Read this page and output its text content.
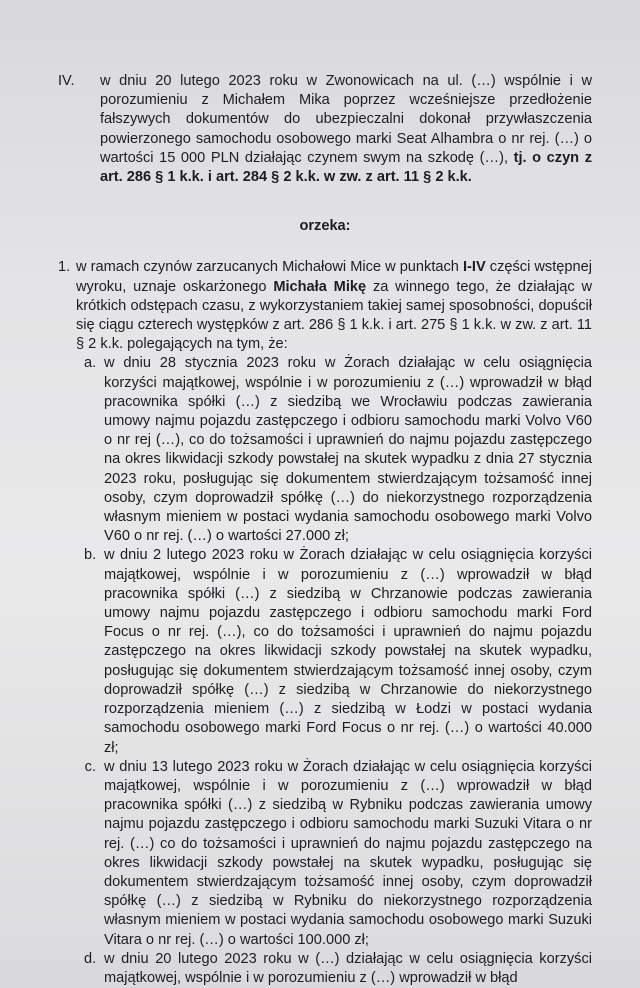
IV.	w dniu 20 lutego 2023 roku w Zwonowicach na ul. (…) wspólnie i w porozumieniu z Michałem Mika poprzez wcześniejsze przedłożenie fałszywych dokumentów do ubezpieczalni dokonał przywłaszczenia powierzonego samochodu osobowego marki Seat Alhambra o nr rej. (…) o wartości 15 000 PLN działając czynem swym na szkodę (…), tj. o czyn z art. 286 § 1 k.k. i art. 284 § 2 k.k. w zw. z art. 11 § 2 k.k.
orzeka:
1. w ramach czynów zarzucanych Michałowi Mice w punktach I-IV części wstępnej wyroku, uznaje oskarżonego Michała Mikę za winnego tego, że działając w krótkich odstępach czasu, z wykorzystaniem takiej samej sposobności, dopuścił się ciągu czterech występków z art. 286 § 1 k.k. i art. 275 § 1 k.k. w zw. z art. 11 § 2 k.k. polegających na tym, że:
a. w dniu 28 stycznia 2023 roku w Żorach działając w celu osiągnięcia korzyści majątkowej, wspólnie i w porozumieniu z (…) wprowadził w błąd pracownika spółki (…) z siedzibą we Wrocławiu podczas zawierania umowy najmu pojazdu zastępczego i odbioru samochodu marki Volvo V60 o nr rej (…), co do tożsamości i uprawnień do najmu pojazdu zastępczego na okres likwidacji szkody powstałej na skutek wypadku z dnia 27 stycznia 2023 roku, posługując się dokumentem stwierdzającym tożsamość innej osoby, czym doprowadził spółkę (…) do niekorzystnego rozporządzenia własnym mieniem w postaci wydania samochodu osobowego marki Volvo V60 o nr rej. (…) o wartości 27.000 zł;
b. w dniu 2 lutego 2023 roku w Żorach działając w celu osiągnięcia korzyści majątkowej, wspólnie i w porozumieniu z (…) wprowadził w błąd pracownika spółki (…) z siedzibą w Chrzanowie podczas zawierania umowy najmu pojazdu zastępczego i odbioru samochodu marki Ford Focus o nr rej. (…), co do tożsamości i uprawnień do najmu pojazdu zastępczego na okres likwidacji szkody powstałej na skutek wypadku, posługując się dokumentem stwierdzającym tożsamość innej osoby, czym doprowadził spółkę (…) z siedzibą w Chrzanowie do niekorzystnego rozporządzenia mieniem (…) z siedzibą w Łodzi w postaci wydania samochodu osobowego marki Ford Focus o nr rej. (…) o wartości 40.000 zł;
c. w dniu 13 lutego 2023 roku w Żorach działając w celu osiągnięcia korzyści majątkowej, wspólnie i w porozumieniu z (…) wprowadził w błąd pracownika spółki (…) z siedzibą w Rybniku podczas zawierania umowy najmu pojazdu zastępczego i odbioru samochodu marki Suzuki Vitara o nr rej. (…) co do tożsamości i uprawnień do najmu pojazdu zastępczego na okres likwidacji szkody powstałej na skutek wypadku, posługując się dokumentem stwierdzającym tożsamość innej osoby, czym doprowadził spółkę (…) z siedzibą w Rybniku do niekorzystnego rozporządzenia własnym mieniem w postaci wydania samochodu osobowego marki Suzuki Vitara o nr rej. (…) o wartości 100.000 zł;
d. w dniu 20 lutego 2023 roku w (…) działając w celu osiągnięcia korzyści majątkowej, wspólnie i w porozumieniu z (…) wprowadził w błąd
